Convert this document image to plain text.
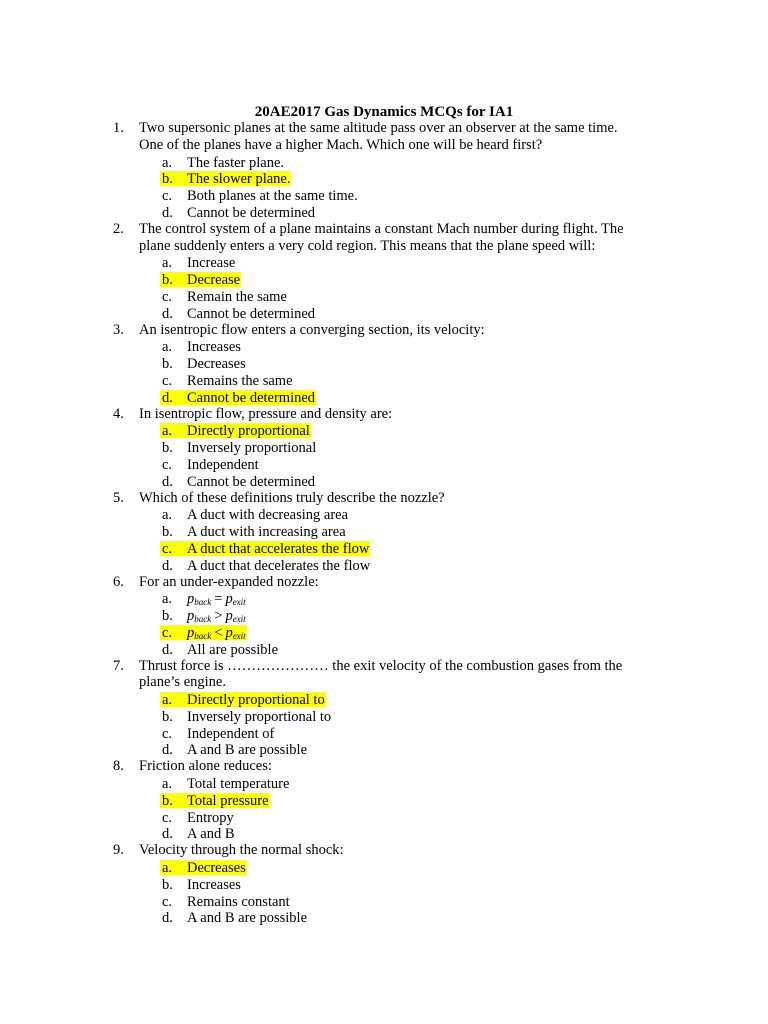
20AE2017 Gas Dynamics MCQs for IA1
1.	Two supersonic planes at the same altitude pass over an observer at the same time.
One of the planes have a higher Mach. Which one will be heard first?
a. The faster plane.
b. The slower plane.
c. Both planes at the same time.
d. Cannot be determined
2.	The control system of a plane maintains a constant Mach number during flight. The
plane suddenly enters a very cold region. This means that the plane speed will:
a. Increase
b. Decrease
c. Remain the same
d. Cannot be determined
3.	An isentropic flow enters a converging section, its velocity:
a. Increases
b. Decreases
c. Remains the same
d. Cannot be determined
4.	In isentropic flow, pressure and density are:
a. Directly proportional
b. Inversely proportional
c. Independent
d. Cannot be determined
5.	Which of these definitions truly describe the nozzle?
a. A duct with decreasing area
b. A duct with increasing area
c. A duct that accelerates the flow
d. A duct that decelerates the flow
6.	For an under-expanded nozzle:
a. $p_{back} = p_{exit}$
b. $p_{back} > p_{exit}$
c. $p_{back} < p_{exit}$
d. All are possible
7.	Thrust force is ………………… the exit velocity of the combustion gases from the
plane’s engine.
a. Directly proportional to
b. Inversely proportional to
c. Independent of
d. A and B are possible
8.	Friction alone reduces:
a. Total temperature
b. Total pressure
c. Entropy
d. A and B
9.	Velocity through the normal shock:
a. Decreases
b. Increases
c. Remains constant
d. A and B are possible
